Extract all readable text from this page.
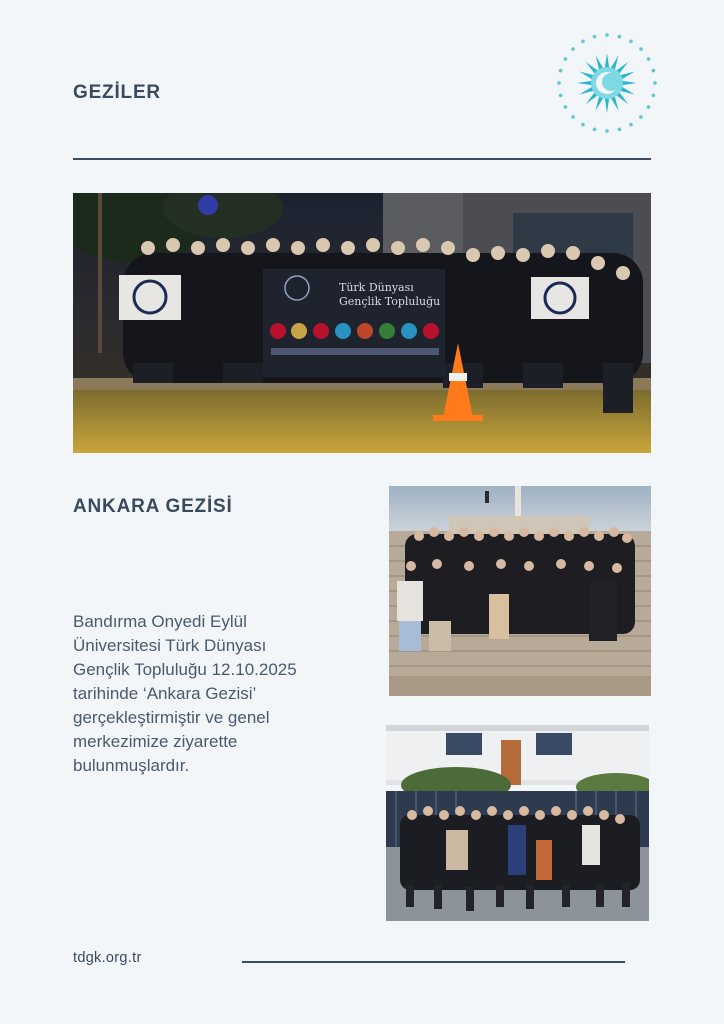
GEZİLER
Türk Dünyası
Gençlik Topluluğu
ANKARA GEZİSİ
Bandırma Onyedi Eylül
Üniversitesi Türk Dünyası
Gençlik Topluluğu 12.10.2025
tarihinde ‘Ankara Gezisi’
gerçekleştirmiştir ve genel
merkezimize ziyarette
bulunmuşlardır.
tdgk.org.tr
